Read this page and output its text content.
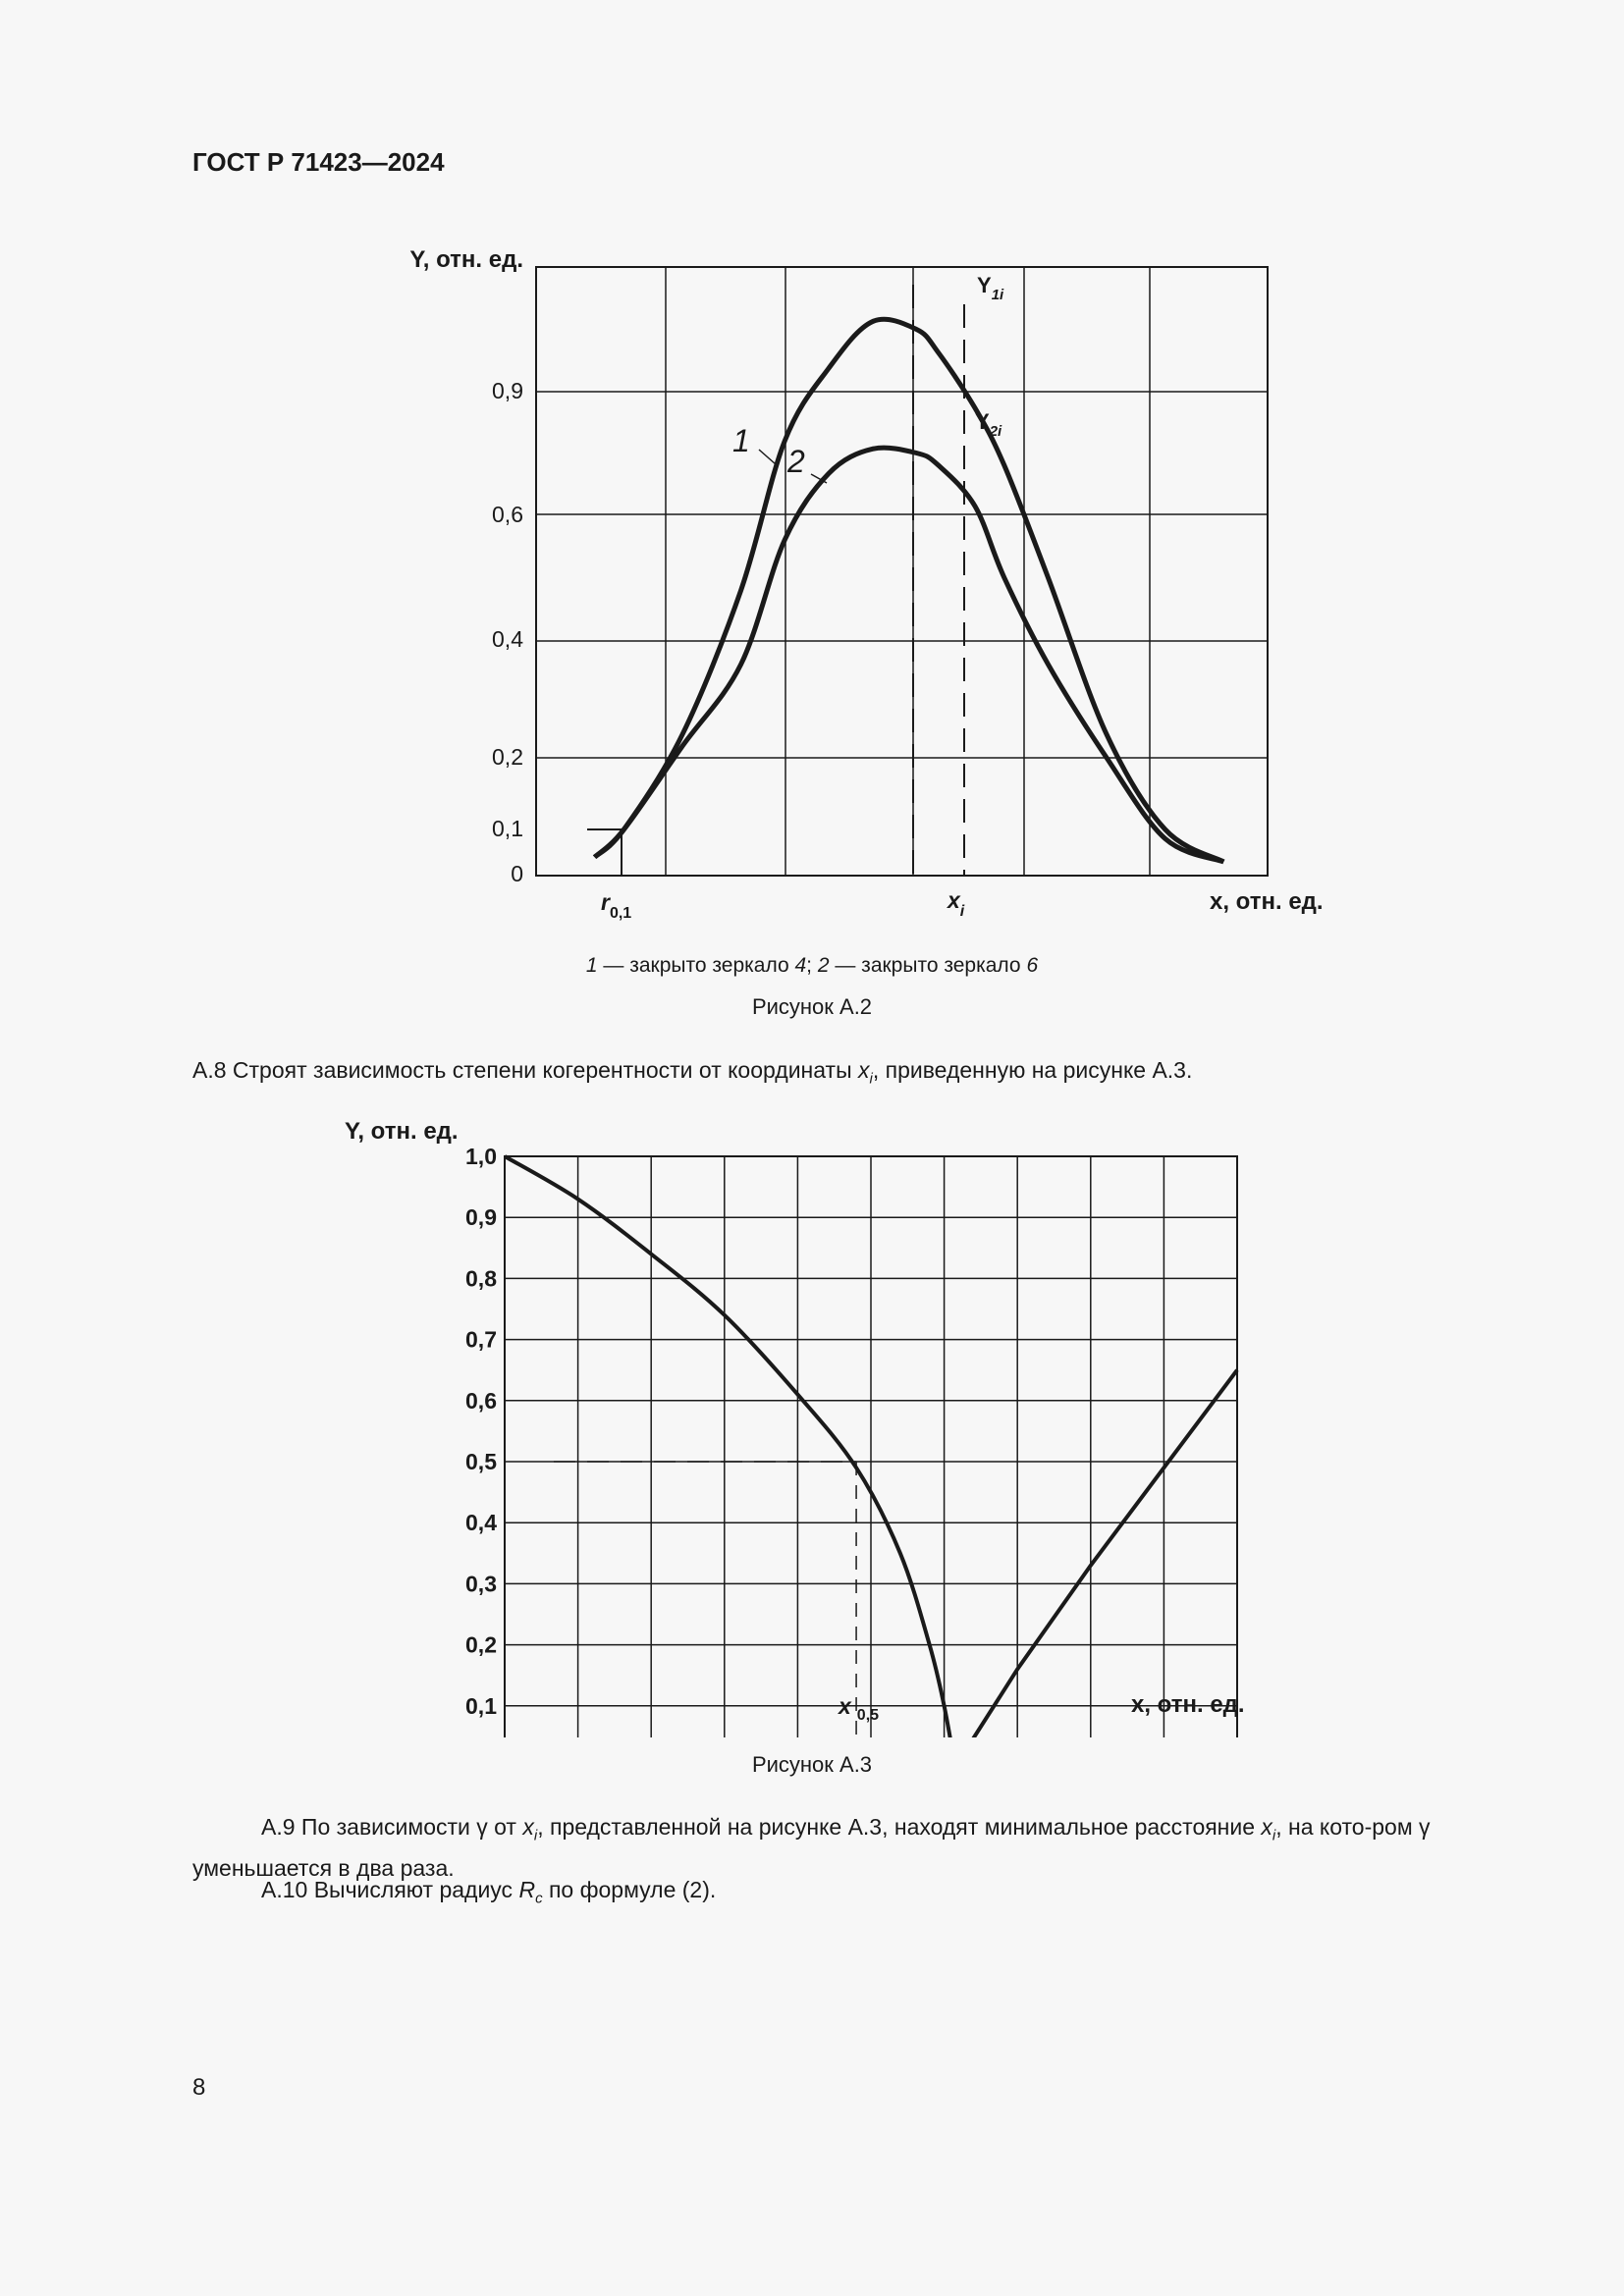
ГОСТ Р 71423—2024
Y, отн. ед.
0,9
0,6
0,4
0,2
0,1
0
$r_{0,1}$
$x_i$	x, отн. ед.
$Y_{1i}$
$Y_{2i}$
1
2
1 — закрыто зеркало 4; 2 — закрыто зеркало 6
Рисунок А.2
А.8 Строят зависимость степени когерентности от координаты $x_i$, приведенную на рисунке А.3.
Y, отн. ед.
1,0
0,9
0,8
0,7
0,6
0,5
0,4
0,3
0,2
0,1	x $_{0,5}$	x, отн. ед.
Рисунок А.3
А.9 По зависимости γ от $x_i$, представленной на рисунке А.3, находят минимальное расстояние $x_i$, на кото-ром γ уменьшается в два раза.
А.10 Вычисляют радиус $R_c$ по формуле (2).
8
